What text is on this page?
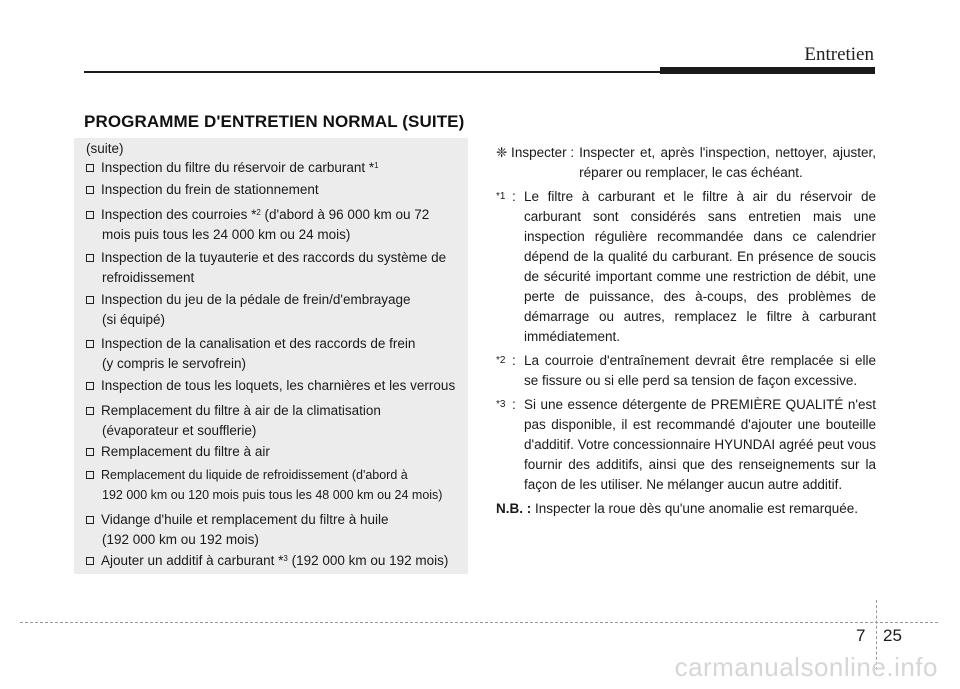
Entretien
PROGRAMME D'ENTRETIEN NORMAL (SUITE)
(suite)
Inspection du filtre du réservoir de carburant *$^1$
Inspection du frein de stationnement
Inspection des courroies *$^2$ (d'abord à 96 000 km ou 72
mois puis tous les 24 000 km ou 24 mois)
Inspection de la tuyauterie et des raccords du système de
refroidissement
Inspection du jeu de la pédale de frein/d'embrayage
(si équipé)
Inspection de la canalisation et des raccords de frein
(y compris le servofrein)
Inspection de tous les loquets, les charnières et les verrous
Remplacement du filtre à air de la climatisation
(évaporateur et soufflerie)
Remplacement du filtre à air
Remplacement du liquide de refroidissement (d'abord à
192 000 km ou 120 mois puis tous les 48 000 km ou 24 mois)
Vidange d'huile et remplacement du filtre à huile
(192 000 km ou 192 mois)
Ajouter un additif à carburant *$^3$ (192 000 km ou 192 mois)
❈ Inspecter : Inspecter et, après l'inspection, nettoyer, ajuster, réparer ou remplacer, le cas échéant.
*1 : Le filtre à carburant et le filtre à air du réservoir de carburant sont considérés sans entretien mais une inspection régulière recommandée dans ce calendrier dépend de la qualité du carburant. En présence de soucis de sécurité important comme une restriction de débit, une perte de puissance, des à-coups, des problèmes de démarrage ou autres, remplacez le filtre à carburant immédiatement.
*2 : La courroie d'entraînement devrait être remplacée si elle se fissure ou si elle perd sa tension de façon excessive.
*3 : Si une essence détergente de PREMIÈRE QUALITÉ n'est pas disponible, il est recommandé d'ajouter une bouteille d'additif. Votre concessionnaire HYUNDAI agréé peut vous fournir des additifs, ainsi que des renseignements sur la façon de les utiliser. Ne mélanger aucun autre additif.
N.B. : Inspecter la roue dès qu'une anomalie est remarquée.
7 25
carmanualsonline.info
